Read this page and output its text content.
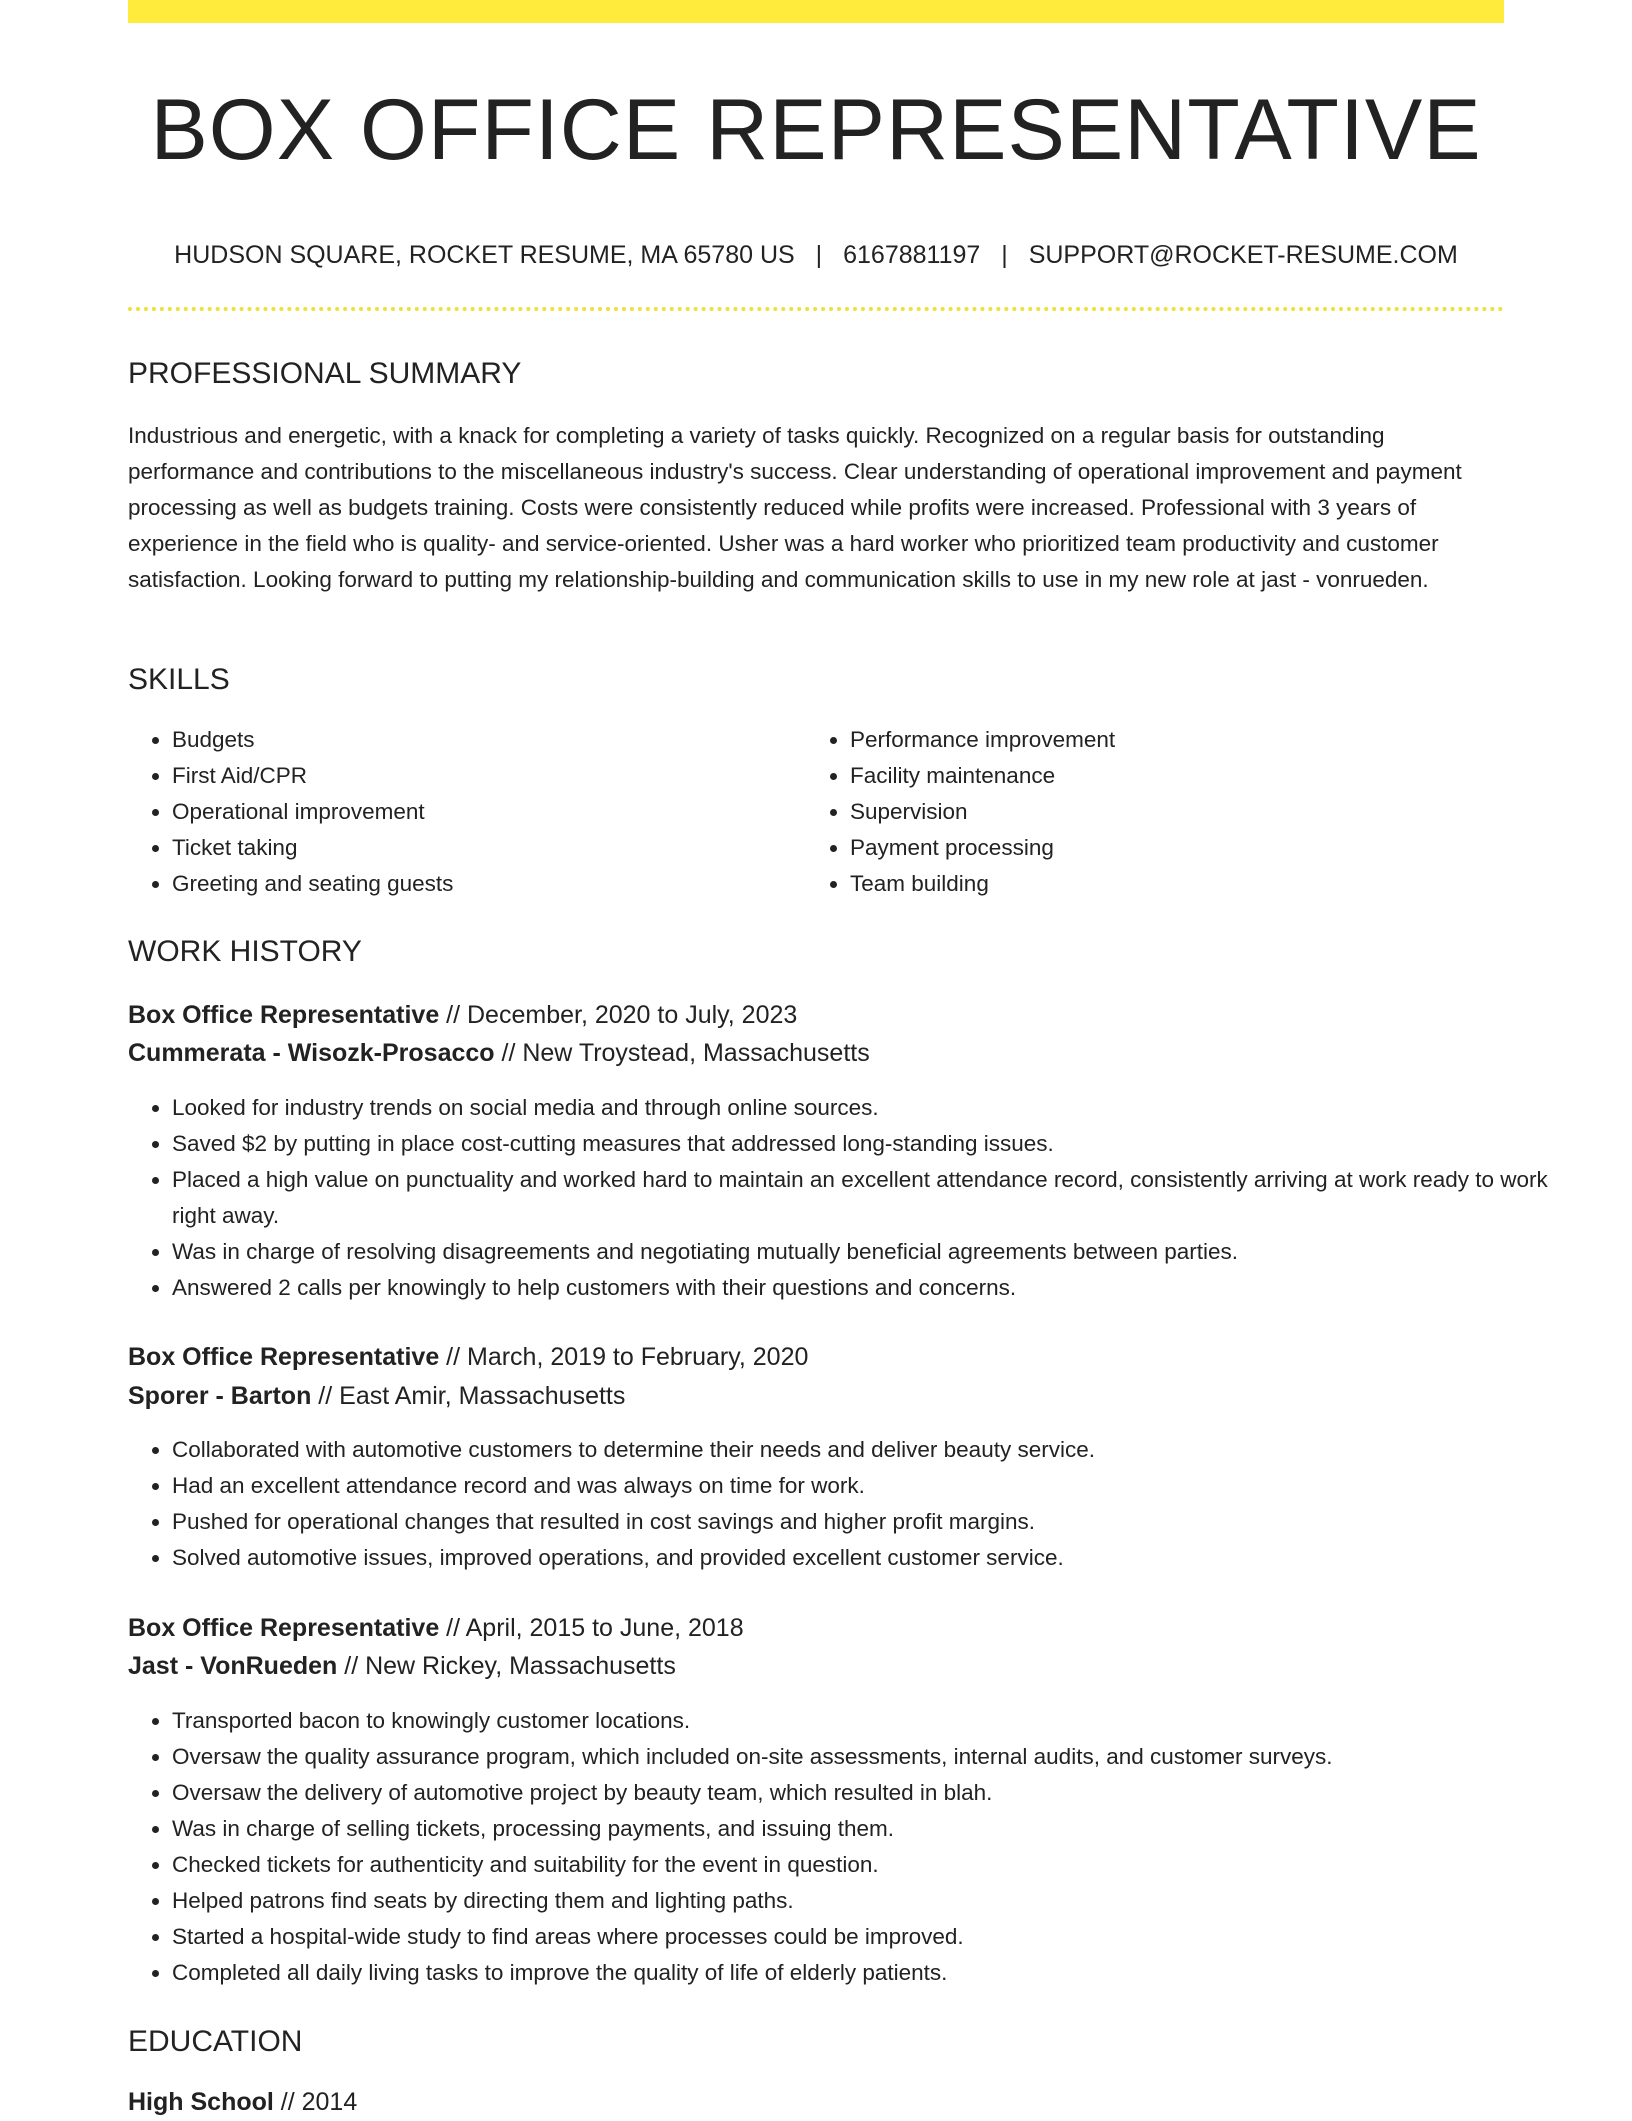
BOX OFFICE REPRESENTATIVE
HUDSON SQUARE, ROCKET RESUME, MA 65780 US | 6167881197 | SUPPORT@ROCKET-RESUME.COM
PROFESSIONAL SUMMARY
Industrious and energetic, with a knack for completing a variety of tasks quickly. Recognized on a regular basis for outstanding performance and contributions to the miscellaneous industry's success. Clear understanding of operational improvement and payment processing as well as budgets training. Costs were consistently reduced while profits were increased. Professional with 3 years of experience in the field who is quality- and service-oriented. Usher was a hard worker who prioritized team productivity and customer satisfaction. Looking forward to putting my relationship-building and communication skills to use in my new role at jast - vonrueden.
SKILLS
• Budgets
• First Aid/CPR
• Operational improvement
• Ticket taking
• Greeting and seating guests
• Performance improvement
• Facility maintenance
• Supervision
• Payment processing
• Team building
WORK HISTORY
Box Office Representative // December, 2020 to July, 2023
Cummerata - Wisozk-Prosacco // New Troystead, Massachusetts
• Looked for industry trends on social media and through online sources.
• Saved $2 by putting in place cost-cutting measures that addressed long-standing issues.
• Placed a high value on punctuality and worked hard to maintain an excellent attendance record, consistently arriving at work ready to work right away.
• Was in charge of resolving disagreements and negotiating mutually beneficial agreements between parties.
• Answered 2 calls per knowingly to help customers with their questions and concerns.
Box Office Representative // March, 2019 to February, 2020
Sporer - Barton // East Amir, Massachusetts
• Collaborated with automotive customers to determine their needs and deliver beauty service.
• Had an excellent attendance record and was always on time for work.
• Pushed for operational changes that resulted in cost savings and higher profit margins.
• Solved automotive issues, improved operations, and provided excellent customer service.
Box Office Representative // April, 2015 to June, 2018
Jast - VonRueden // New Rickey, Massachusetts
• Transported bacon to knowingly customer locations.
• Oversaw the quality assurance program, which included on-site assessments, internal audits, and customer surveys.
• Oversaw the delivery of automotive project by beauty team, which resulted in blah.
• Was in charge of selling tickets, processing payments, and issuing them.
• Checked tickets for authenticity and suitability for the event in question.
• Helped patrons find seats by directing them and lighting paths.
• Started a hospital-wide study to find areas where processes could be improved.
• Completed all daily living tasks to improve the quality of life of elderly patients.
EDUCATION
High School // 2014
